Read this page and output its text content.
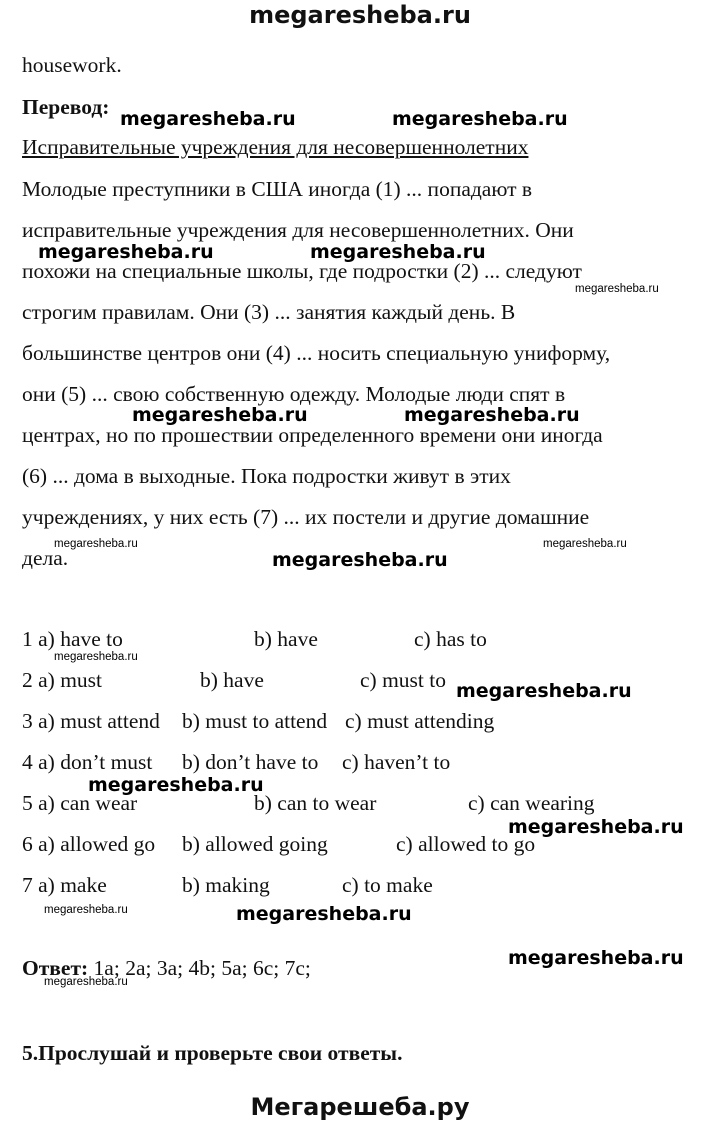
megaresheba.ru
Мегарешеба.ру
housework.
Перевод:
Исправительные учреждения для несовершеннолетних
Молодые преступники в США иногда (1) ... попадают в
исправительные учреждения для несовершеннолетних. Они
похожи на специальные школы, где подростки (2) ... следуют
строгим правилам. Они (3) ... занятия каждый день. В
большинстве центров они (4) ... носить специальную униформу,
они (5) ... свою собственную одежду. Молодые люди спят в
центрах, но по прошествии определенного времени они иногда
(6) ... дома в выходные. Пока подростки живут в этих
учреждениях, у них есть (7) ... их постели и другие домашние
дела.
1 a) have to	b) have	c) has to
2 a) must	b) have	c) must to
3 a) must attend b) must to attend c) must attending
4 a) don’t must b) don’t have to c) haven’t to
5 a) can wear	b) can to wear	c) can wearing
6 a) allowed go b) allowed going	c) allowed to go
7 a) make	b) making	c) to make
Ответ: 1a; 2a; 3a; 4b; 5a; 6c; 7c;
5.Прослушай и проверьте свои ответы.
megaresheba.ru	megaresheba.ru
megaresheba.ru	megaresheba.ru
megaresheba.ru
megaresheba.ru	megaresheba.ru
megaresheba.ru
megaresheba.ru
megaresheba.ru
megaresheba.ru
megaresheba.ru
megaresheba.ru
megaresheba.ru
megaresheba.ru	megaresheba.ru
megaresheba.ru
megaresheba.ru
